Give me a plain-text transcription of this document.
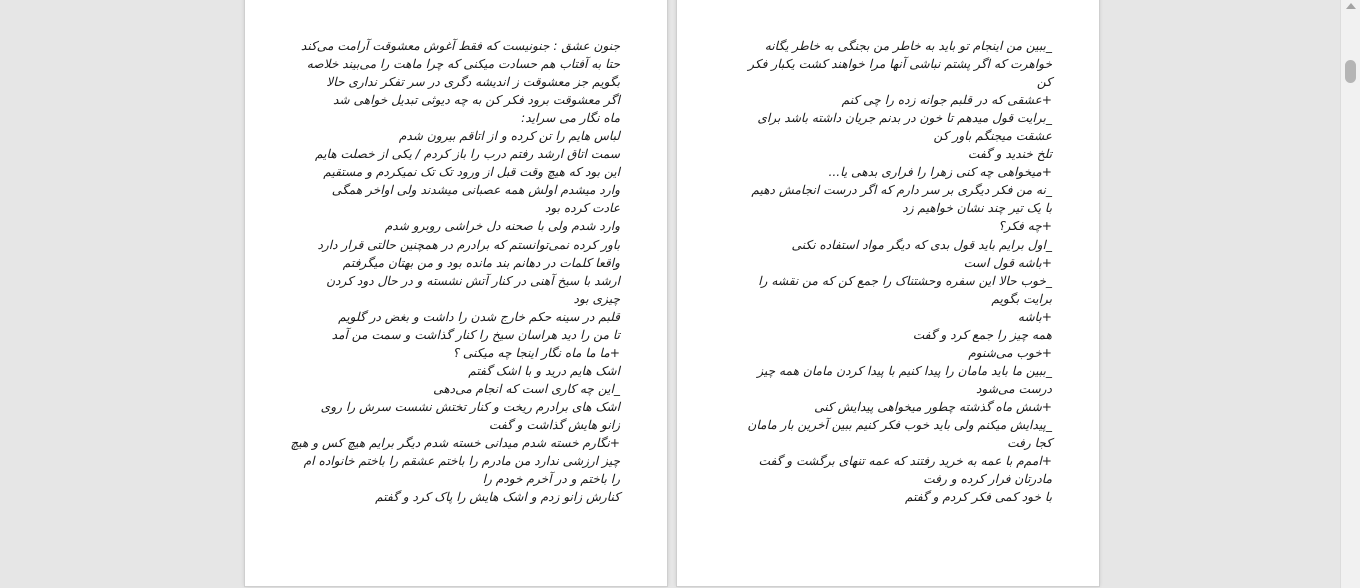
جنون عشق : جنونیست که فقط آغوش معشوقت آرامت می‌کند
حتا به آفتاب هم حسادت میکنی که چرا ماهت را می‌بیند خلاصه
بگویم جز معشوقت ز اندیشه دگری در سر تفکر نداری حالا
اگر معشوقت برود فکر کن به چه دیوثی تبدیل خواهی شد
ماه نگار می سراید:
لباس هایم را تن کرده و از اتاقم بیرون شدم
سمت اتاق ارشد رفتم درب را باز کردم / یکی از خصلت هایم
این بود که هیچ وقت قبل از ورود تک تک نمیکردم و مستقیم
وارد میشدم اولش همه عصبانی میشدند ولی اواخر همگی
عادت کرده بود
وارد شدم ولی با صحنه دل خراشی روبرو شدم
باور کرده نمی‌توانستم که برادرم در همچنین حالتی قرار دارد
واقعا کلمات در دهانم بند مانده بود و من بهتان میگرفتم
ارشد با سیخ آهنی در کنار آتش نشسته و در حال دود کردن
چیزی بود
قلبم در سینه حکم خارج شدن را داشت و بغض در گلویم
تا من را دید هراسان سیخ را کنار گذاشت و سمت من آمد
+ما ما ماه نگار اینجا چه میکنی ؟
اشک هایم درید و با اشک گفتم
_این چه کاری است که انجام می‌دهی
اشک های برادرم ریخت و کنار تختش نشست سرش را روی
زانو هایش گذاشت و گفت
+نگارم خسته شدم میدانی خسته شدم دیگر برایم هیچ کس و هیچ
چیز ارزشی ندارد من مادرم را باختم عشقم را باختم خانواده ام
را باختم و در آخرم خودم را
کنارش زانو زدم و اشک هایش را پاک کرد و گفتم
_ببین من اینجام تو باید به خاطر من بجنگی به خاطر یگانه
خواهرت که اگر پشتم نباشی آنها مرا خواهند کشت یکبار فکر
کن
+عشقی که در قلبم جوانه زده را چی کنم
_برایت قول میدهم تا خون در بدنم جریان داشته باشد برای
عشقت میجنگم باور کن
تلخ خندید و گفت
+میخواهی چه کنی زهرا را فراری بدهی یا...
_نه من فکر دیگری بر سر دارم که اگر درست انجامش دهیم
با یک تیر چند نشان خواهیم زد
+چه فکر؟
_اول برایم باید قول بدی که دیگر مواد استفاده نکنی
+باشه قول است
_خوب حالا این سفره وحشتناک را جمع کن که من نقشه را
برایت بگویم
+باشه
همه چیز را جمع کرد و گفت
+خوب می‌شنوم
_ببین ما باید مامان را پیدا کنیم با پیدا کردن مامان همه چیز
درست می‌شود
+شش ماه گذشته چطور میخواهی پیدایش کنی
_پیدایش میکنم ولی باید خوب فکر کنیم ببین آخرین بار مامان
کجا رفت
+امم‌م با عمه به خرید رفتند که عمه تنهای برگشت و گفت
مادرتان فرار کرده و رفت
با خود کمی فکر کردم و گفتم
